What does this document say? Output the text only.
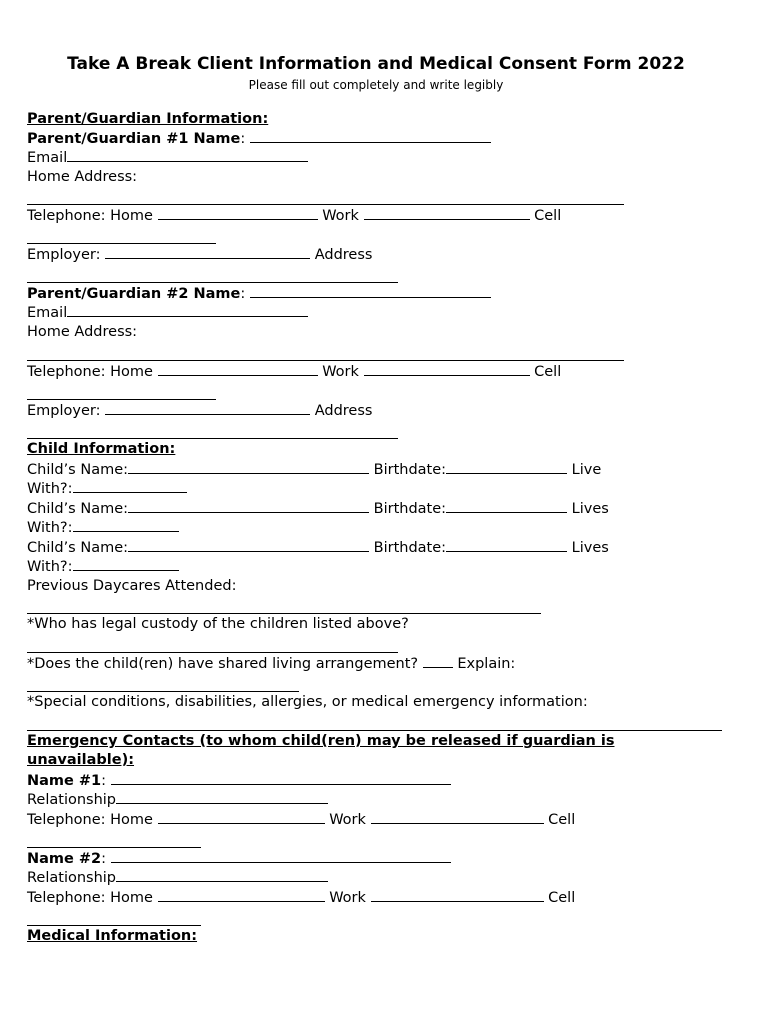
Take A Break Client Information and Medical Consent Form 2022
Please fill out completely and write legibly
Parent/Guardian Information:
Parent/Guardian #1 Name:
Email
Home Address:
Telephone: Home	Work	Cell
Employer:	Address
Parent/Guardian #2 Name:
Email
Home Address:
Telephone: Home	Work	Cell
Employer:	Address
Child Information:
Child’s Name:	Birthdate:	Live
With?:
Child’s Name:	Birthdate:	Lives
With?:
Child’s Name:	Birthdate:	Lives
With?:
Previous Daycares Attended:
*Who has legal custody of the children listed above?
*Does the child(ren) have shared living arrangement?	Explain:
*Special conditions, disabilities, allergies, or medical emergency information:
Emergency Contacts (to whom child(ren) may be released if guardian is
unavailable):
Name #1:
Relationship
Telephone: Home	Work	Cell
Name #2:
Relationship
Telephone: Home	Work	Cell
Medical Information:
